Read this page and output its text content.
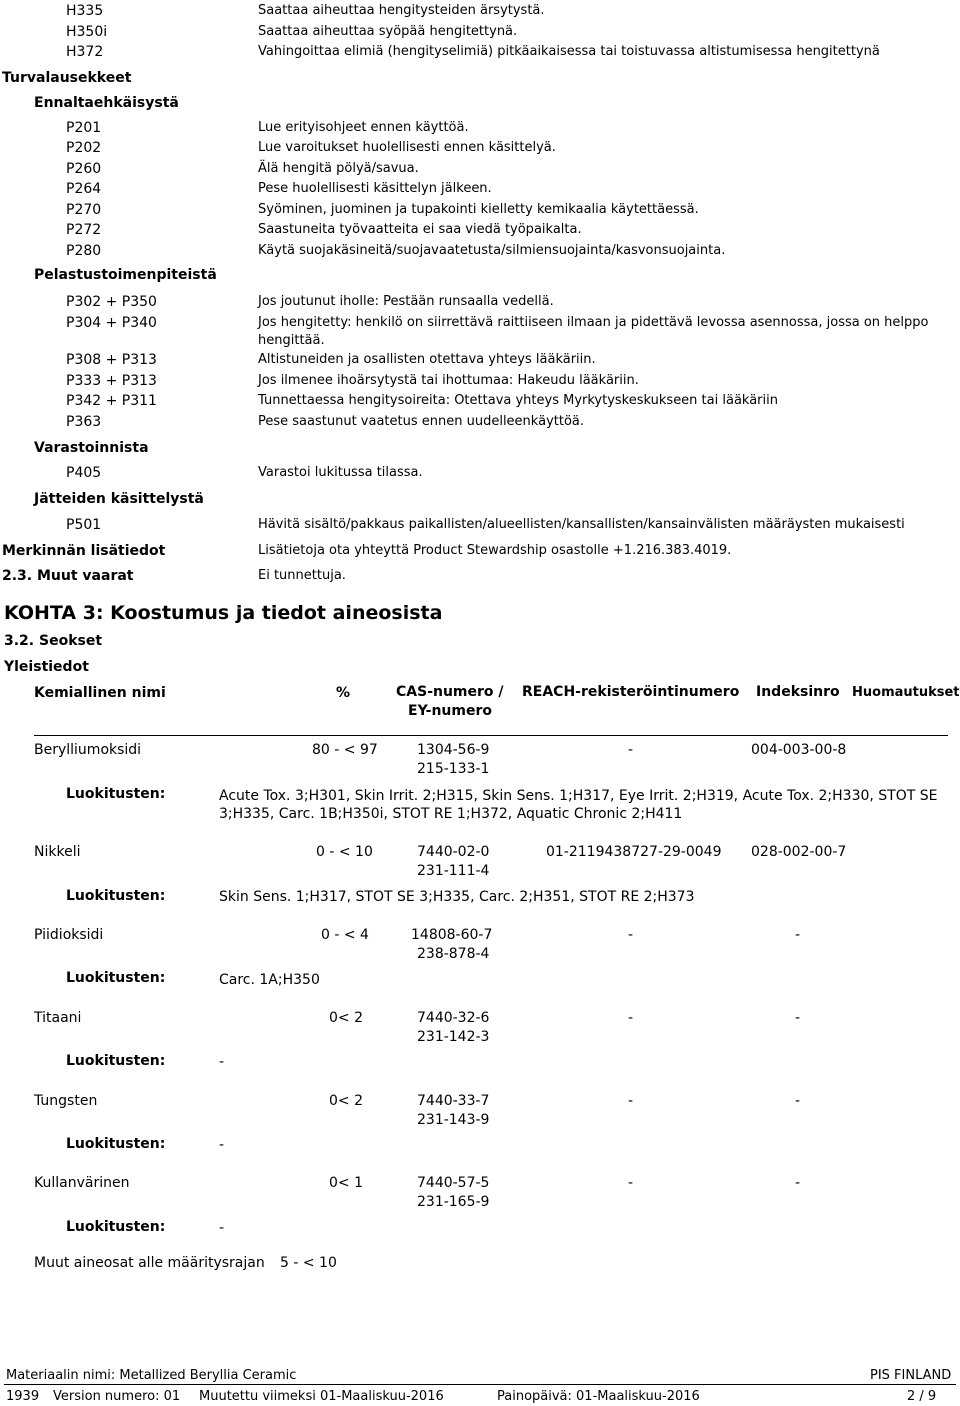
H335	Saattaa aiheuttaa hengitysteiden ärsytystä.
H350i	Saattaa aiheuttaa syöpää hengitettynä.
H372	Vahingoittaa elimiä (hengityselimiä) pitkäaikaisessa tai toistuvassa altistumisessa hengitettynä
Turvalausekkeet
Ennaltaehkäisystä
P201	Lue erityisohjeet ennen käyttöä.
P202	Lue varoitukset huolellisesti ennen käsittelyä.
P260	Älä hengitä pölyä/savua.
P264	Pese huolellisesti käsittelyn jälkeen.
P270	Syöminen, juominen ja tupakointi kielletty kemikaalia käytettäessä.
P272	Saastuneita työvaatteita ei saa viedä työpaikalta.
P280	Käytä suojakäsineitä/suojavaatetusta/silmiensuojainta/kasvonsuojainta.
Pelastustoimenpiteistä
P302 + P350	Jos joutunut iholle: Pestään runsaalla vedellä.
P304 + P340	Jos hengitetty: henkilö on siirrettävä raittiiseen ilmaan ja pidettävä levossa asennossa, jossa on helppo hengittää.
P308 + P313	Altistuneiden ja osallisten otettava yhteys lääkäriin.
P333 + P313	Jos ilmenee ihoärsytystä tai ihottumaa: Hakeudu lääkäriin.
P342 + P311	Tunnettaessa hengitysoireita: Otettava yhteys Myrkytyskeskukseen tai lääkäriin
P363	Pese saastunut vaatetus ennen uudelleenkäyttöä.
Varastoinnista
P405	Varastoi lukitussa tilassa.
Jätteiden käsittelystä
P501	Hävitä sisältö/pakkaus paikallisten/alueellisten/kansallisten/kansainvälisten määräysten mukaisesti
Merkinnän lisätiedot	Lisätietoja ota yhteyttä Product Stewardship osastolle +1.216.383.4019.
2.3. Muut vaarat	Ei tunnettuja.
KOHTA 3: Koostumus ja tiedot aineosista
3.2. Seokset
Yleistiedot
Kemiallinen nimi	%	CAS-numero /
EY-numero
REACH-rekisteröintinumero Indeksinro Huomautukset
Berylliumoksidi	80 - < 97	1304-56-9
215-133-1
-	004-003-00-8
Luokitusten:	Acute Tox. 3;H301, Skin Irrit. 2;H315, Skin Sens. 1;H317, Eye Irrit. 2;H319, Acute Tox. 2;H330, STOT SE 3;H335, Carc. 1B;H350i, STOT RE 1;H372, Aquatic Chronic 2;H411
Nikkeli	0 - < 10	7440-02-0
231-111-4
01-2119438727-29-0049 028-002-00-7
Luokitusten:	Skin Sens. 1;H317, STOT SE 3;H335, Carc. 2;H351, STOT RE 2;H373
Piidioksidi	0 - < 4	14808-60-7
238-878-4
-	-
Luokitusten:	Carc. 1A;H350
Titaani	0< 2	7440-32-6
231-142-3
-	-
Luokitusten:	-
Tungsten	0< 2	7440-33-7
231-143-9
-	-
Luokitusten:	-
Kullanvärinen	0< 1	7440-57-5
231-165-9
-	-
Luokitusten:	-
Muut aineosat alle määritysrajan 5 - < 10
Materiaalin nimi: Metallized Beryllia Ceramic	PIS FINLAND
1939 Version numero: 01 Muutettu viimeksi 01-Maaliskuu-2016	Painopäivä: 01-Maaliskuu-2016	2 / 9
